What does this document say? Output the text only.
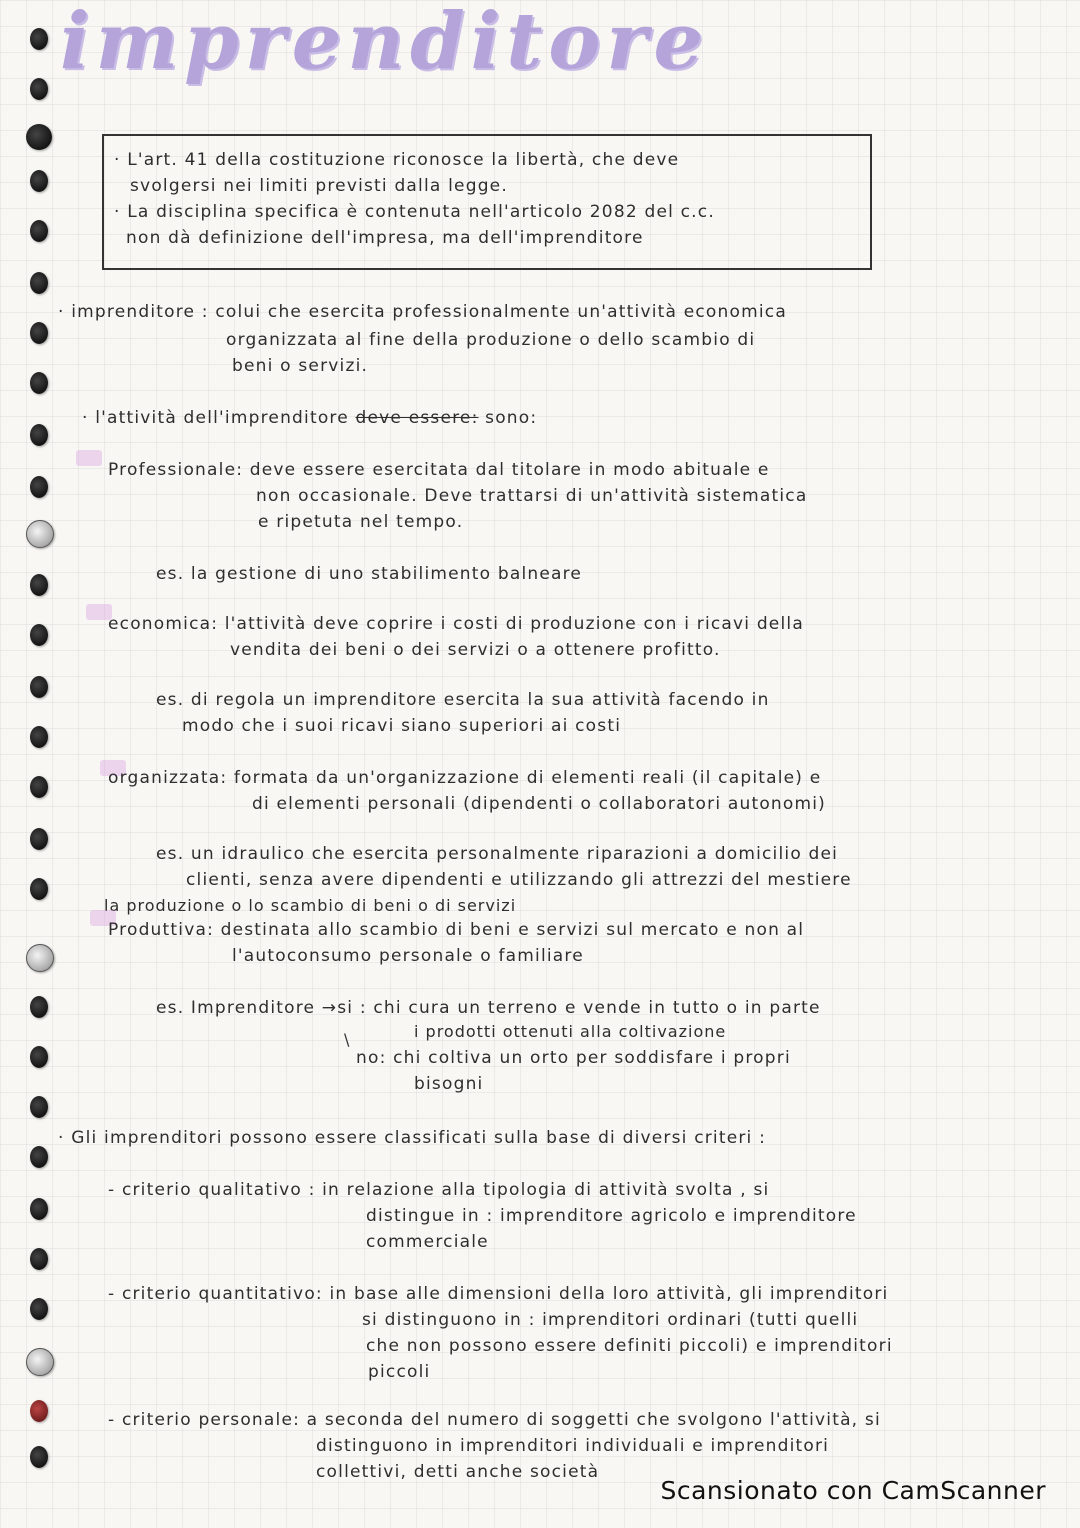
imprenditore
· L'art. 41 della costituzione riconosce la libertà, che deve
svolgersi nei limiti previsti dalla legge.
· La disciplina specifica è contenuta nell'articolo 2082 del c.c.
non dà definizione dell'impresa, ma dell'imprenditore
· imprenditore : colui che esercita professionalmente un'attività economica
organizzata al fine della produzione o dello scambio di
beni o servizi.
· l'attività dell'imprenditore deve essere: sono:
Professionale: deve essere esercitata dal titolare in modo abituale e
non occasionale. Deve trattarsi di un'attività sistematica
e ripetuta nel tempo.
es. la gestione di uno stabilimento balneare
economica: l'attività deve coprire i costi di produzione con i ricavi della
vendita dei beni o dei servizi o a ottenere profitto.
es. di regola un imprenditore esercita la sua attività facendo in
modo che i suoi ricavi siano superiori ai costi
organizzata: formata da un'organizzazione di elementi reali (il capitale) e
di elementi personali (dipendenti o collaboratori autonomi)
es. un idraulico che esercita personalmente riparazioni a domicilio dei
clienti, senza avere dipendenti e utilizzando gli attrezzi del mestiere
la produzione o lo scambio di beni o di servizi
Produttiva: destinata allo scambio di beni e servizi sul mercato e non al
l'autoconsumo personale o familiare
es. Imprenditore →si : chi cura un terreno e vende in tutto o in parte
i prodotti ottenuti alla coltivazione
\
no: chi coltiva un orto per soddisfare i propri
bisogni
· Gli imprenditori possono essere classificati sulla base di diversi criteri :
- criterio qualitativo : in relazione alla tipologia di attività svolta , si
distingue in : imprenditore agricolo e imprenditore
commerciale
- criterio quantitativo: in base alle dimensioni della loro attività, gli imprenditori
si distinguono in : imprenditori ordinari (tutti quelli
che non possono essere definiti piccoli) e imprenditori
piccoli
- criterio personale: a seconda del numero di soggetti che svolgono l'attività, si
distinguono in imprenditori individuali e imprenditori
collettivi, detti anche società
Scansionato con CamScanner
